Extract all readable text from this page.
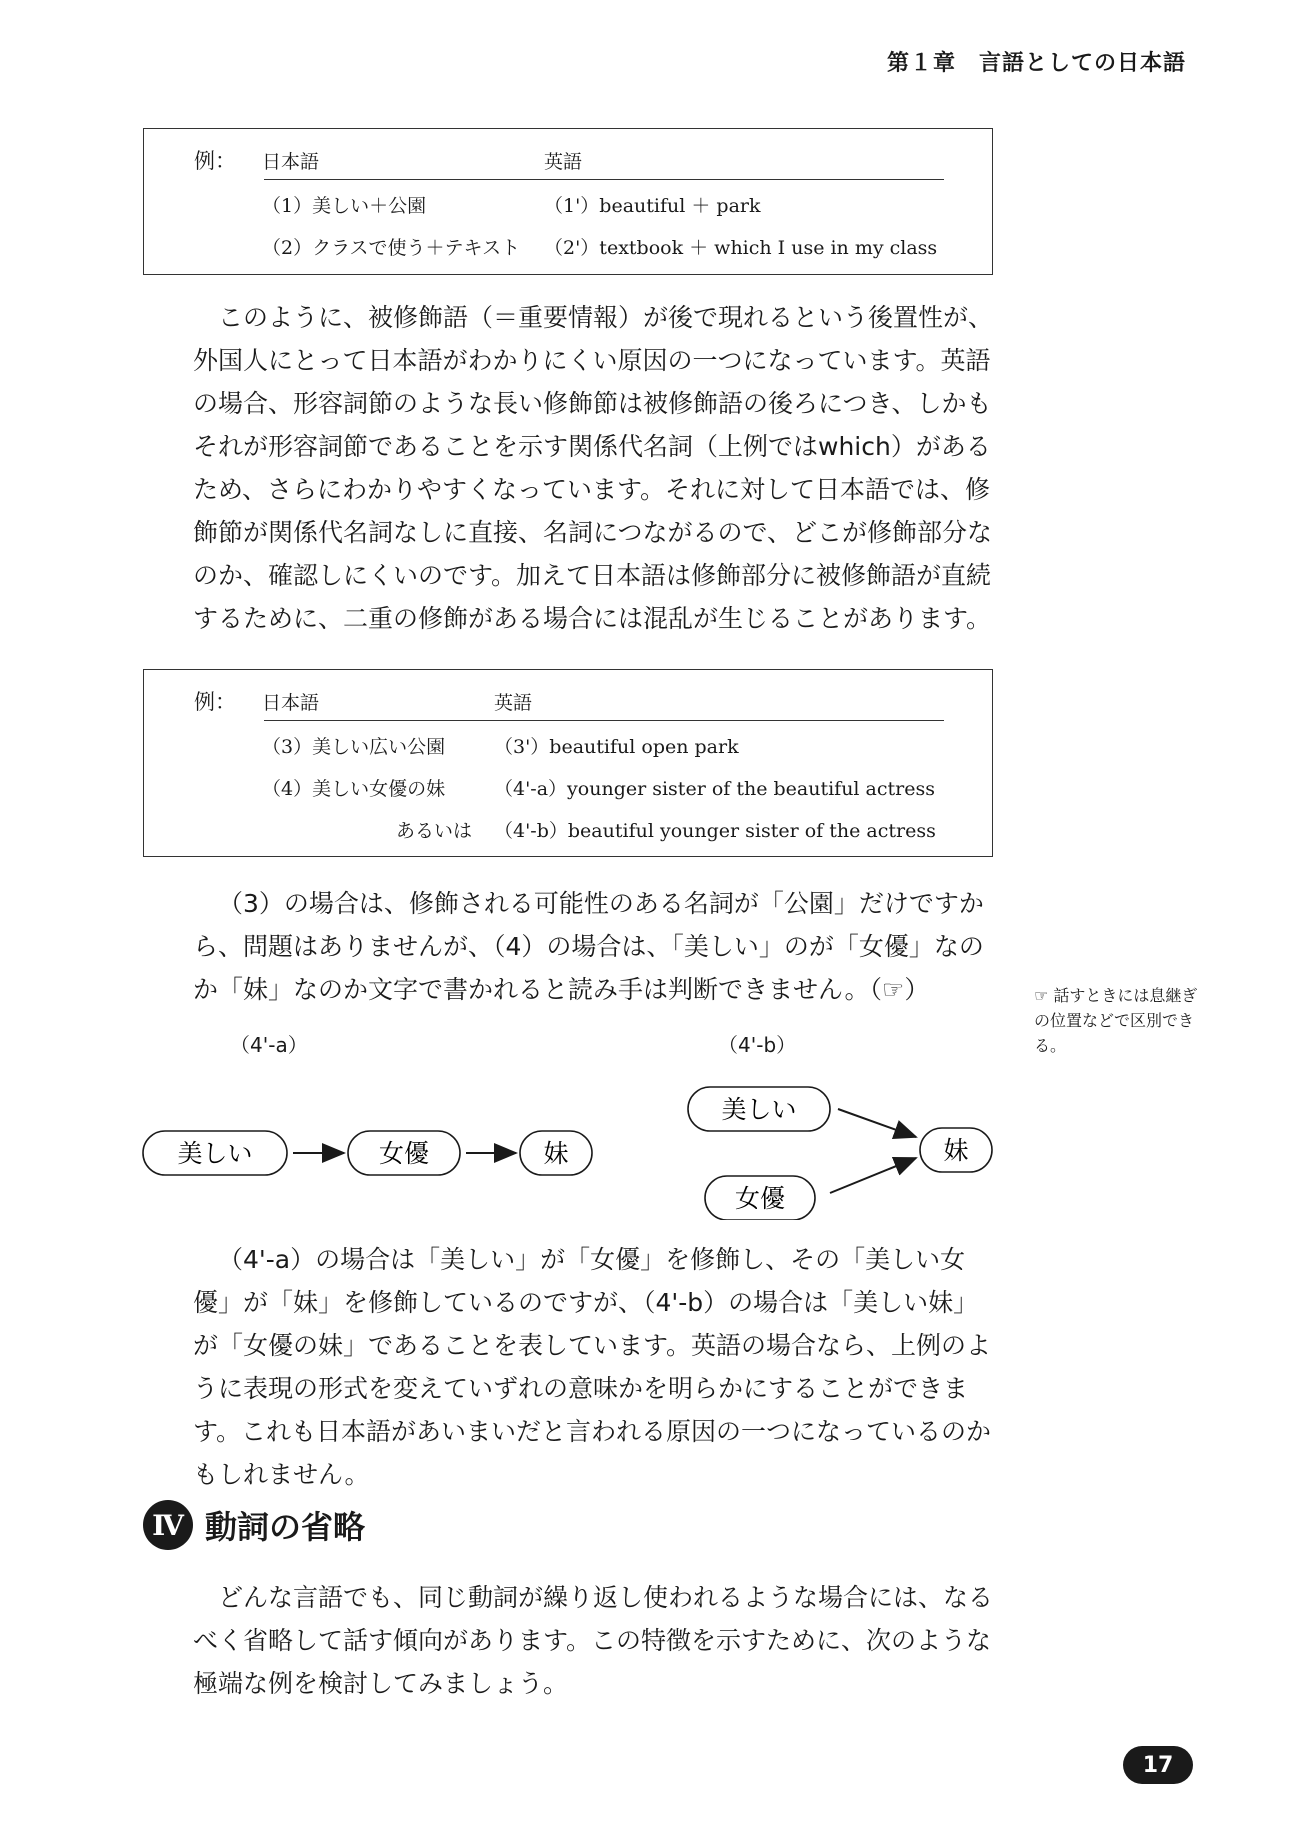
第１章　言語としての日本語
例： 日本語	英語
（1）美しい＋公園	（1'）beautiful ＋ park
（2）クラスで使う＋テキスト （2'）textbook ＋ which I use in my class

このように、被修飾語（＝重要情報）が後で現れるという後置性が、外国人にとって日本語がわかりにくい原因の一つになっています。英語の場合、形容詞節のような長い修飾節は被修飾語の後ろにつき、しかもそれが形容詞節であることを示す関係代名詞（上例ではwhich）があるため、さらにわかりやすくなっています。それに対して日本語では、修飾節が関係代名詞なしに直接、名詞につながるので、どこが修飾部分なのか、確認しにくいのです。加えて日本語は修飾部分に被修飾語が直続するために、二重の修飾がある場合には混乱が生じることがあります。

例： 日本語	英語
（3）美しい広い公園	（3'）beautiful open park
（4）美しい女優の妹	（4'-a）younger sister of the beautiful actress
あるいは （4'-b）beautiful younger sister of the actress

（3）の場合は、修飾される可能性のある名詞が「公園」だけですから、問題はありませんが、（4）の場合は、「美しい」のが「女優」なのか「妹」なのか文字で書かれると読み手は判断できません。（☞）	☞ 話すときには息継ぎの位置などで区別できる。
（4'-a）	（4'-b）
美しい	女優	妹
美しい
女優
妹

（4'-a）の場合は「美しい」が「女優」を修飾し、その「美しい女優」が「妹」を修飾しているのですが、（4'-b）の場合は「美しい妹」が「女優の妹」であることを表しています。英語の場合なら、上例のように表現の形式を変えていずれの意味かを明らかにすることができます。これも日本語があいまいだと言われる原因の一つになっているのかもしれません。

Ⅳ 動詞の省略

どんな言語でも、同じ動詞が繰り返し使われるような場合には、なるべく省略して話す傾向があります。この特徴を示すために、次のような極端な例を検討してみましょう。

17
